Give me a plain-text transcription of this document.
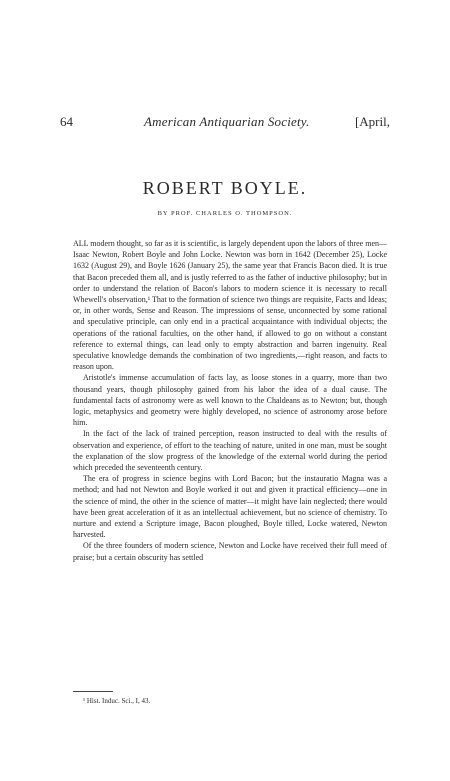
64	American Antiquarian Society.	[April,
ROBERT BOYLE.
BY PROF. CHARLES O. THOMPSON.

ALL modern thought, so far as it is scientific, is largely dependent upon the labors of three men—Isaac Newton, Robert Boyle and John Locke. Newton was born in 1642 (December 25), Locke 1632 (August 29), and Boyle 1626 (January 25), the same year that Francis Bacon died. It is true that Bacon preceded them all, and is justly referred to as the father of inductive philosophy; but in order to understand the relation of Bacon's labors to modern science it is necessary to recall Whewell's observation,¹ That to the formation of science two things are requisite, Facts and Ideas; or, in other words, Sense and Reason. The impressions of sense, unconnected by some rational and speculative principle, can only end in a practical acquaintance with individual objects; the operations of the rational faculties, on the other hand, if allowed to go on without a constant reference to external things, can lead only to empty abstraction and barren ingenuity. Real speculative knowledge demands the combination of two ingredients,—right reason, and facts to reason upon.

Aristotle's immense accumulation of facts lay, as loose stones in a quarry, more than two thousand years, though philosophy gained from his labor the idea of a dual cause. The fundamental facts of astronomy were as well known to the Chaldeans as to Newton; but, though logic, metaphysics and geometry were highly developed, no science of astronomy arose before him.

In the fact of the lack of trained perception, reason instructed to deal with the results of observation and experience, of effort to the teaching of nature, united in one man, must be sought the explanation of the slow progress of the knowledge of the external world during the period which preceded the seventeenth century.

The era of progress in science begins with Lord Bacon; but the instauratio Magna was a method; and had not Newton and Boyle worked it out and given it practical efficiency—one in the science of mind, the other in the science of matter—it might have lain neglected; there would have been great acceleration of it as an intellectual achievement, but no science of chemistry. To nurture and extend a Scripture image, Bacon ploughed, Boyle tilled, Locke watered, Newton harvested.

Of the three founders of modern science, Newton and Locke have received their full meed of praise; but a certain obscurity has settled

¹ Hist. Induc. Sci., I, 43.
